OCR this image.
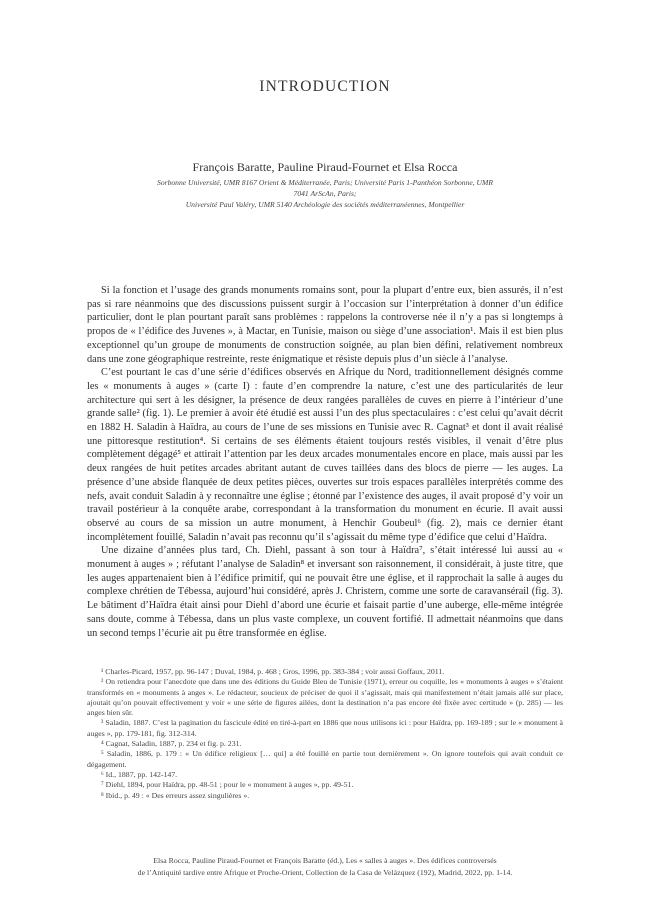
INTRODUCTION
François Baratte, Pauline Piraud-Fournet et Elsa Rocca
Sorbonne Université, UMR 8167 Orient & Méditerranée, Paris; Université Paris 1-Panthéon Sorbonne, UMR 7041 ArScAn, Paris;
Université Paul Valéry, UMR 5140 Archéologie des sociétés méditerranéennes, Montpellier

Si la fonction et l’usage des grands monuments romains sont, pour la plupart d’entre eux, bien assurés, il n’est pas si rare néanmoins que des discussions puissent surgir à l’occasion sur l’interprétation à donner d’un édifice particulier, dont le plan pourtant paraît sans problèmes : rappelons la controverse née il n’y a pas si longtemps à propos de « l’édifice des Juvenes », à Mactar, en Tunisie, maison ou siège d’une association¹. Mais il est bien plus exceptionnel qu’un groupe de monuments de construction soignée, au plan bien défini, relativement nombreux dans une zone géographique restreinte, reste énigmatique et résiste depuis plus d’un siècle à l’analyse.

C’est pourtant le cas d’une série d’édifices observés en Afrique du Nord, traditionnellement désignés comme les « monuments à auges » (carte I) : faute d’en comprendre la nature, c’est une des particularités de leur architecture qui sert à les désigner, la présence de deux rangées parallèles de cuves en pierre à l’intérieur d’une grande salle² (fig. 1). Le premier à avoir été étudié est aussi l’un des plus spectaculaires : c’est celui qu’avait décrit en 1882 H. Saladin à Haïdra, au cours de l’une de ses missions en Tunisie avec R. Cagnat³ et dont il avait réalisé une pittoresque restitution⁴. Si certains de ses éléments étaient toujours restés visibles, il venait d’être plus complètement dégagé⁵ et attirait l’attention par les deux arcades monumentales encore en place, mais aussi par les deux rangées de huit petites arcades abritant autant de cuves taillées dans des blocs de pierre — les auges. La présence d’une abside flanquée de deux petites pièces, ouvertes sur trois espaces parallèles interprétés comme des nefs, avait conduit Saladin à y reconnaître une église ; étonné par l’existence des auges, il avait proposé d’y voir un travail postérieur à la conquête arabe, correspondant à la transformation du monument en écurie. Il avait aussi observé au cours de sa mission un autre monument, à Henchir Goubeul⁶ (fig. 2), mais ce dernier étant incomplètement fouillé, Saladin n’avait pas reconnu qu’il s’agissait du même type d’édifice que celui d’Haïdra.

Une dizaine d’années plus tard, Ch. Diehl, passant à son tour à Haïdra⁷, s’était intéressé lui aussi au « monument à auges » ; réfutant l’analyse de Saladin⁸ et inversant son raisonnement, il considérait, à juste titre, que les auges appartenaient bien à l’édifice primitif, qui ne pouvait être une église, et il rapprochait la salle à auges du complexe chrétien de Tébessa, aujourd’hui considéré, après J. Christern, comme une sorte de caravansérail (fig. 3). Le bâtiment d’Haïdra était ainsi pour Diehl d’abord une écurie et faisait partie d’une auberge, elle-même intégrée sans doute, comme à Tébessa, dans un plus vaste complexe, un couvent fortifié. Il admettait néanmoins que dans un second temps l’écurie ait pu être transformée en église.

¹ Charles-Picard, 1957, pp. 96-147 ; Duval, 1984, p. 468 ; Gros, 1996, pp. 383-384 ; voir aussi Goffaux, 2011.

² On retiendra pour l’anecdote que dans une des éditions du Guide Bleu de Tunisie (1971), erreur ou coquille, les « monuments à auges » s’étaient transformés en « monuments à anges ». Le rédacteur, soucieux de préciser de quoi il s’agissait, mais qui manifestement n’était jamais allé sur place, ajoutait qu’on pouvait effectivement y voir « une série de figures ailées, dont la destination n’a pas encore été fixée avec certitude » (p. 285) — les anges bien sûr.

³ Saladin, 1887. C’est la pagination du fascicule édité en tiré-à-part en 1886 que nous utilisons ici : pour Haïdra, pp. 169-189 ; sur le « monument à auges », pp. 179-181, fig. 312-314.

⁴ Cagnat, Saladin, 1887, p. 234 et fig. p. 231.

⁵ Saladin, 1886, p. 179 : « Un édifice religieux [… qui] a été fouillé en partie tout dernièrement ». On ignore toutefois qui avait conduit ce dégagement.

⁶ Id., 1887, pp. 142-147.

⁷ Diehl, 1894, pour Haïdra, pp. 48-51 ; pour le « monument à auges », pp. 49-51.

⁸ Ibid., p. 49 : « Des erreurs assez singulières ».

Elsa Rocca, Pauline Piraud-Fournet et François Baratte (éd.), Les « salles à auges ». Des édifices controversés
de l’Antiquité tardive entre Afrique et Proche-Orient, Collection de la Casa de Velázquez (192), Madrid, 2022, pp. 1-14.
